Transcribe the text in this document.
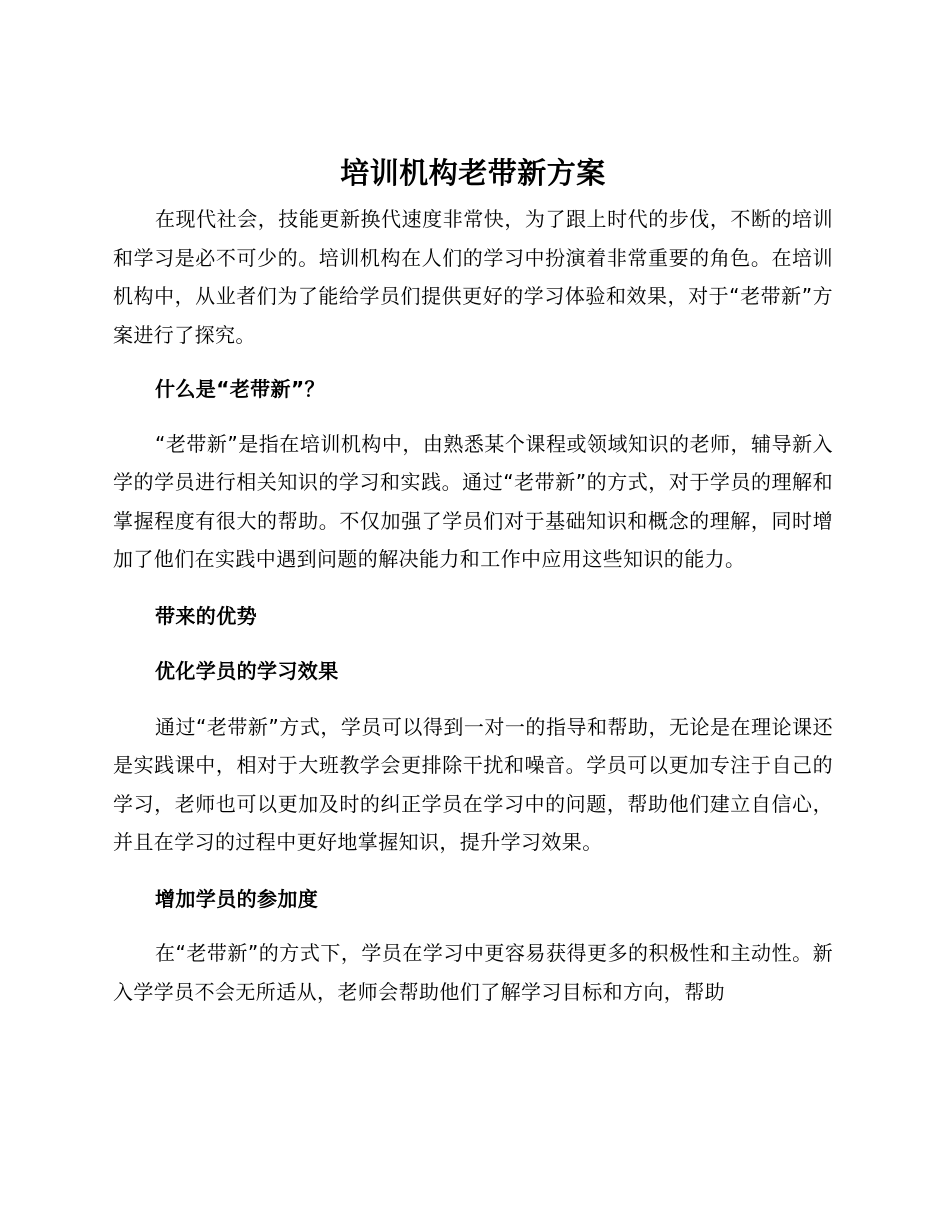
培训机构老带新方案

在现代社会，技能更新换代速度非常快，为了跟上时代的步伐，不断的培训和学习是必不可少的。培训机构在人们的学习中扮演着非常重要的角色。在培训机构中，从业者们为了能给学员们提供更好的学习体验和效果，对于“老带新”方案进行了探究。

什么是“老带新”？

“老带新”是指在培训机构中，由熟悉某个课程或领域知识的老师，辅导新入学的学员进行相关知识的学习和实践。通过“老带新”的方式，对于学员的理解和掌握程度有很大的帮助。不仅加强了学员们对于基础知识和概念的理解，同时增加了他们在实践中遇到问题的解决能力和工作中应用这些知识的能力。

带来的优势

优化学员的学习效果

通过“老带新”方式，学员可以得到一对一的指导和帮助，无论是在理论课还是实践课中，相对于大班教学会更排除干扰和噪音。学员可以更加专注于自己的学习，老师也可以更加及时的纠正学员在学习中的问题，帮助他们建立自信心，并且在学习的过程中更好地掌握知识，提升学习效果。

增加学员的参加度

在“老带新”的方式下，学员在学习中更容易获得更多的积极性和主动性。新入学学员不会无所适从，老师会帮助他们了解学习目标和方向，帮助
